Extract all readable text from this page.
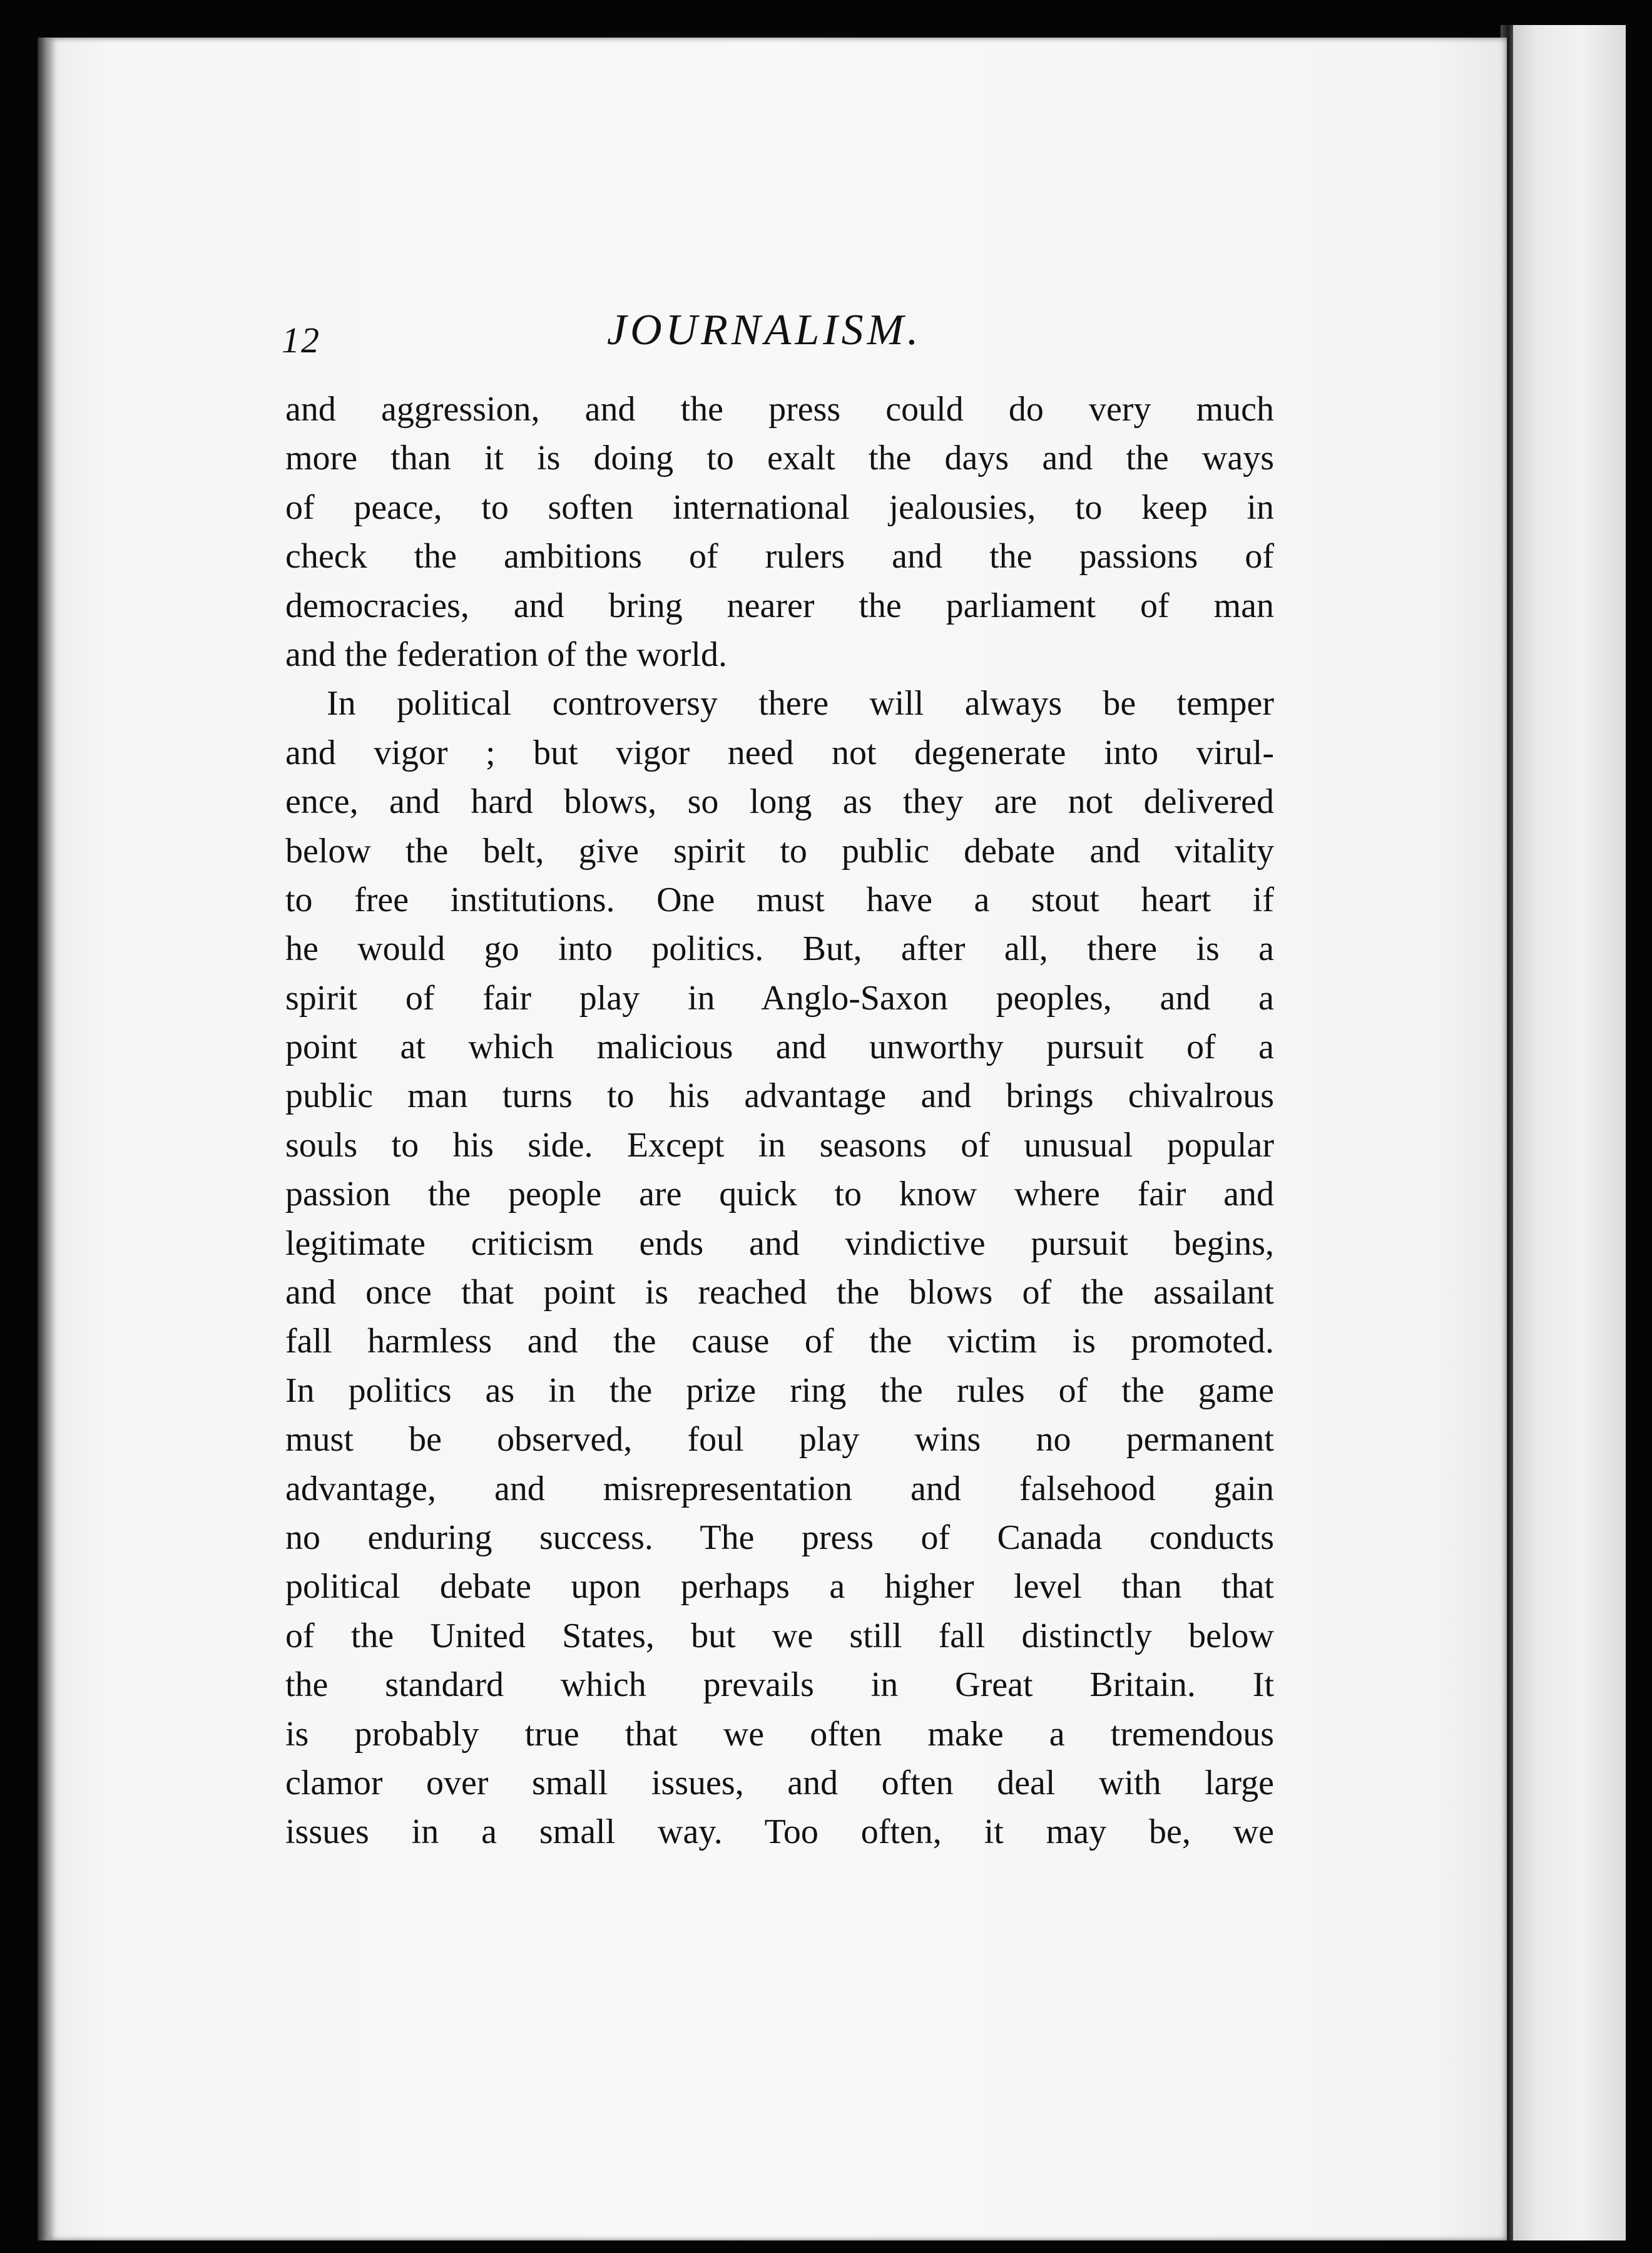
12	JOURNALISM.
and aggression, and the press could do very much
more than it is doing to exalt the days and the ways
of peace, to soften international jealousies, to keep in
check the ambitions of rulers and the passions of
democracies, and bring nearer the parliament of man
and the federation of the world.
In political controversy there will always be temper
and vigor ; but vigor need not degenerate into virul-
ence, and hard blows, so long as they are not delivered
below the belt, give spirit to public debate and vitality
to free institutions. One must have a stout heart if
he would go into politics. But, after all, there is a
spirit of fair play in Anglo-Saxon peoples, and a
point at which malicious and unworthy pursuit of a
public man turns to his advantage and brings chivalrous
souls to his side. Except in seasons of unusual popular
passion the people are quick to know where fair and
legitimate criticism ends and vindictive pursuit begins,
and once that point is reached the blows of the assailant
fall harmless and the cause of the victim is promoted.
In politics as in the prize ring the rules of the game
must be observed, foul play wins no permanent
advantage, and misrepresentation and falsehood gain
no enduring success. The press of Canada conducts
political debate upon perhaps a higher level than that
of the United States, but we still fall distinctly below
the standard which prevails in Great Britain. It
is probably true that we often make a tremendous
clamor over small issues, and often deal with large
issues in a small way. Too often, it may be, we
